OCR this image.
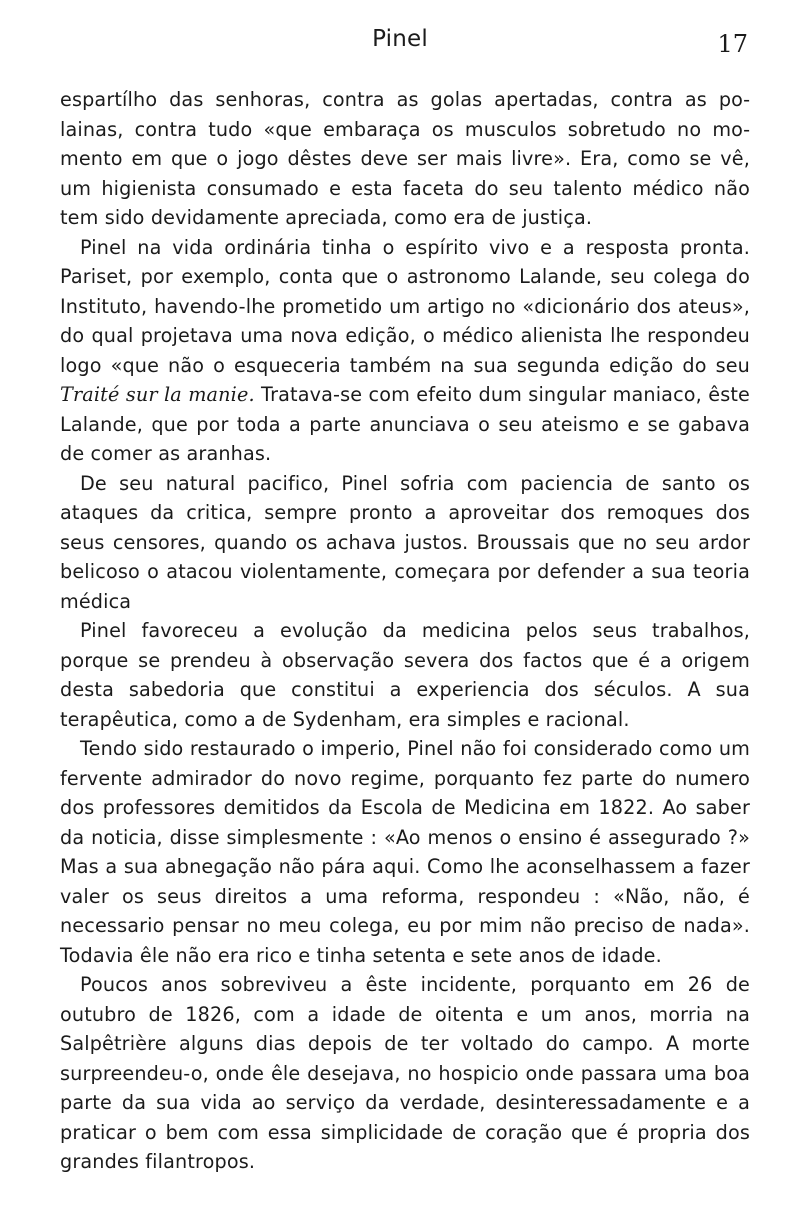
Pinel	17

espartílho das senhoras, contra as golas apertadas, contra as polainas, contra tudo «que embaraça os musculos sobretudo no momento em que o jogo dêstes deve ser mais livre». Era, como se vê, um higienista consumado e esta faceta do seu talento médico não tem sido devidamente apreciada, como era de justiça.

Pinel na vida ordinária tinha o espírito vivo e a resposta pronta. Pariset, por exemplo, conta que o astronomo Lalande, seu colega do Instituto, havendo-lhe prometido um artigo no «dicionário dos ateus», do qual projetava uma nova edição, o médico alienista lhe respondeu logo «que não o esqueceria também na sua segunda edição do seu Traité sur la manie. Tratava-se com efeito dum singular maniaco, êste Lalande, que por toda a parte anunciava o seu ateismo e se gabava de comer as aranhas.

De seu natural pacifico, Pinel sofria com paciencia de santo os ataques da critica, sempre pronto a aproveitar dos remoques dos seus censores, quando os achava justos. Broussais que no seu ardor belicoso o atacou violentamente, começara por defender a sua teoria médica

Pinel favoreceu a evolução da medicina pelos seus trabalhos, porque se prendeu à observação severa dos factos que é a origem desta sabedoria que constitui a experiencia dos séculos. A sua terapêutica, como a de Sydenham, era simples e racional.

Tendo sido restaurado o imperio, Pinel não foi considerado como um fervente admirador do novo regime, porquanto fez parte do numero dos professores demitidos da Escola de Medicina em 1822. Ao saber da noticia, disse simplesmente : «Ao menos o ensino é assegurado ?» Mas a sua abnegação não pára aqui. Como lhe aconselhassem a fazer valer os seus direitos a uma reforma, respondeu : «Não, não, é necessario pensar no meu colega, eu por mim não preciso de nada». Todavia êle não era rico e tinha setenta e sete anos de idade.

Poucos anos sobreviveu a êste incidente, porquanto em 26 de outubro de 1826, com a idade de oitenta e um anos, morria na Salpêtrière alguns dias depois de ter voltado do campo. A morte surpreendeu-o, onde êle desejava, no hospicio onde passara uma boa parte da sua vida ao serviço da verdade, desinteressadamente e a praticar o bem com essa simplicidade de coração que é propria dos grandes filantropos.
